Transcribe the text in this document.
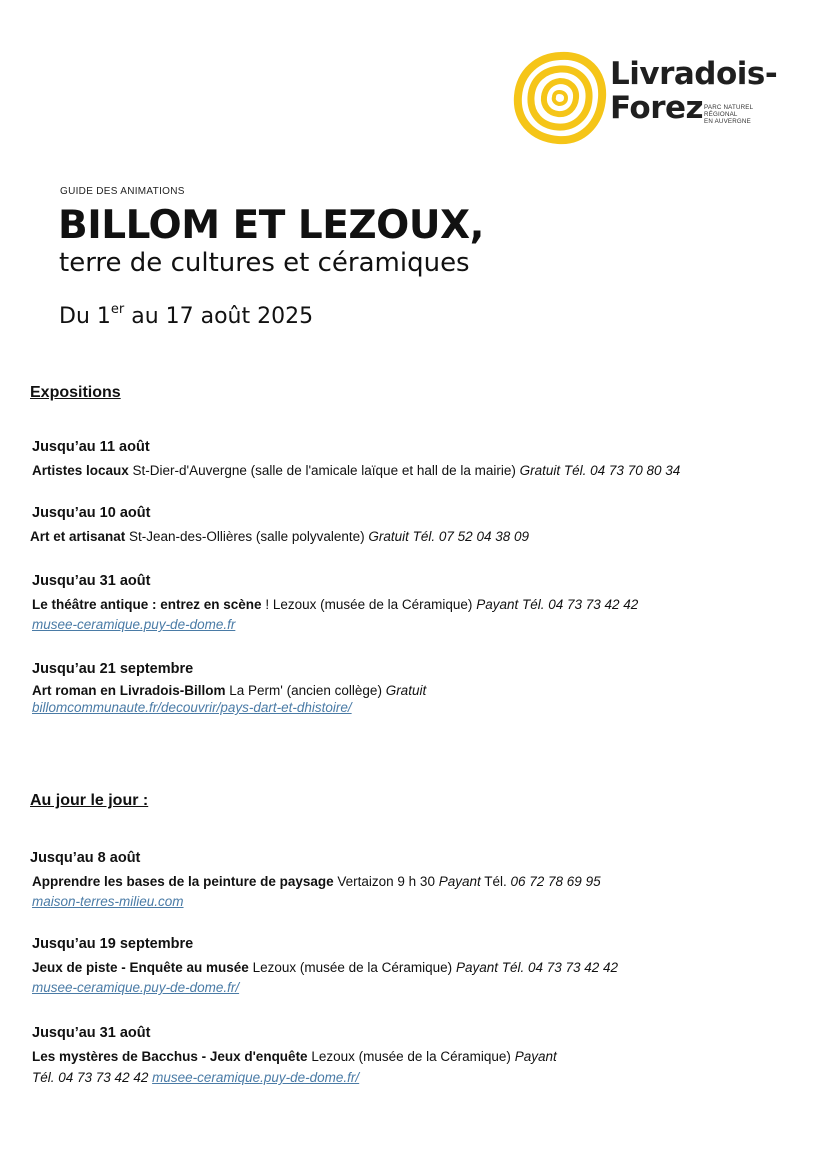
Livradois-
Forez PARC NATUREL
RÉGIONAL
EN AUVERGNE
GUIDE DES ANIMATIONS
BILLOM ET LEZOUX,
terre de cultures et céramiques
Du 1er au 17 août 2025
Expositions
Jusqu’au 11 août
Artistes locaux St-Dier-d'Auvergne (salle de l'amicale laïque et hall de la mairie) Gratuit Tél. 04 73 70 80 34
Jusqu’au 10 août
Art et artisanat St-Jean-des-Ollières (salle polyvalente) Gratuit Tél. 07 52 04 38 09
Jusqu’au 31 août
Le théâtre antique : entrez en scène ! Lezoux (musée de la Céramique) Payant Tél. 04 73 73 42 42
musee-ceramique.puy-de-dome.fr
Jusqu’au 21 septembre
Art roman en Livradois-Billom La Perm' (ancien collège) Gratuit
billomcommunaute.fr/decouvrir/pays-dart-et-dhistoire/
Au jour le jour :
Jusqu’au 8 août
Apprendre les bases de la peinture de paysage Vertaizon 9 h 30 Payant Tél. 06 72 78 69 95
maison-terres-milieu.com
Jusqu’au 19 septembre
Jeux de piste - Enquête au musée Lezoux (musée de la Céramique) Payant Tél. 04 73 73 42 42
musee-ceramique.puy-de-dome.fr/
Jusqu’au 31 août
Les mystères de Bacchus - Jeux d'enquête Lezoux (musée de la Céramique) Payant
Tél. 04 73 73 42 42 musee-ceramique.puy-de-dome.fr/
